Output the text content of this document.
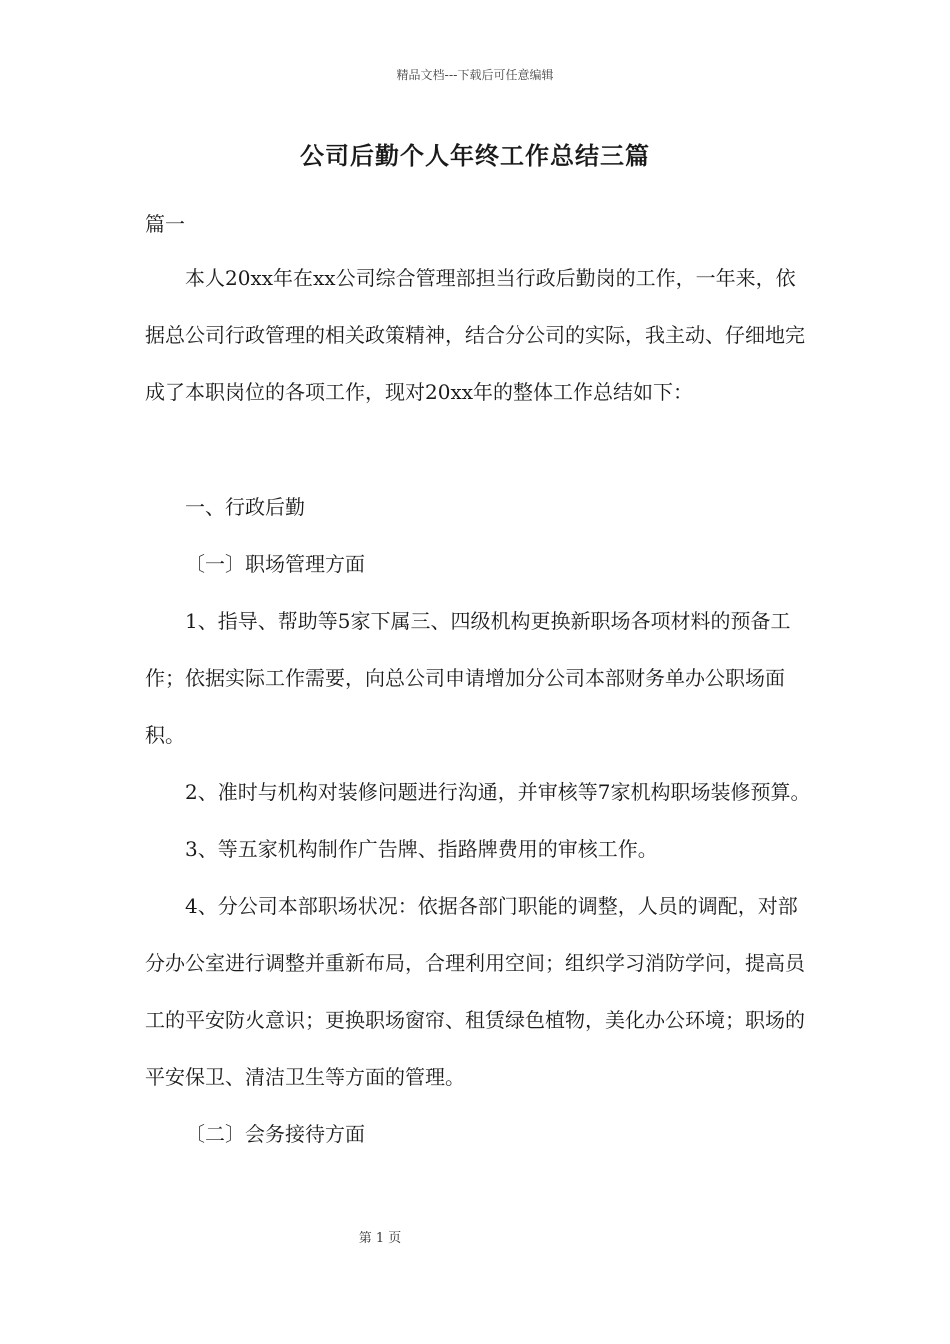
精品文档---下载后可任意编辑
公司后勤个人年终工作总结三篇
篇一

本人20xx年在xx公司综合管理部担当行政后勤岗的工作，一年来，依据总公司行政管理的相关政策精神，结合分公司的实际，我主动、仔细地完成了本职岗位的各项工作，现对20xx年的整体工作总结如下：

一、行政后勤

〔一〕职场管理方面

1、指导、帮助等5家下属三、四级机构更换新职场各项材料的预备工作；依据实际工作需要，向总公司申请增加分公司本部财务单办公职场面积。

2、准时与机构对装修问题进行沟通，并审核等7家机构职场装修预算。

3、等五家机构制作广告牌、指路牌费用的审核工作。

4、分公司本部职场状况：依据各部门职能的调整，人员的调配，对部分办公室进行调整并重新布局，合理利用空间；组织学习消防学问，提高员工的平安防火意识；更换职场窗帘、租赁绿色植物，美化办公环境；职场的平安保卫、清洁卫生等方面的管理。

〔二〕会务接待方面

第 1 页
